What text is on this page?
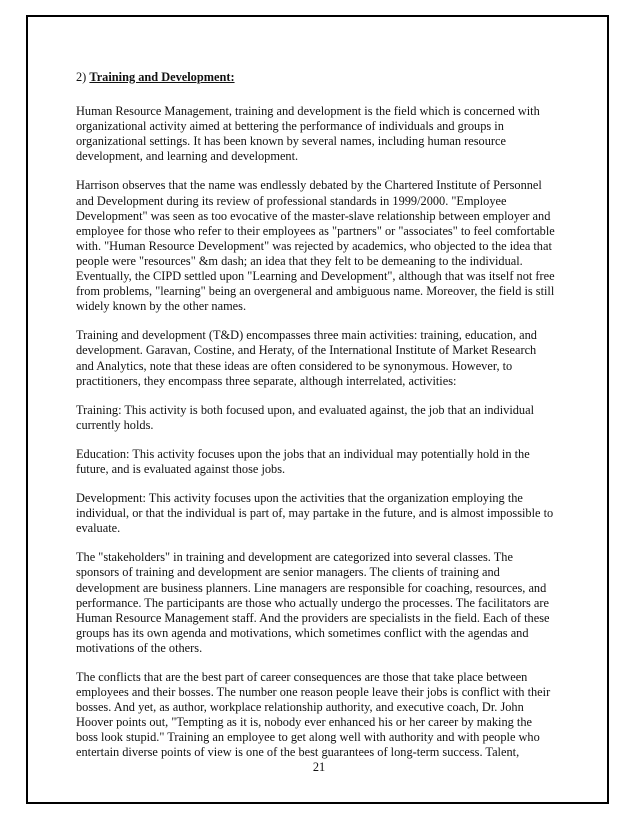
2) Training and Development:

Human Resource Management, training and development is the field which is concerned with
organizational activity aimed at bettering the performance of individuals and groups in
organizational settings. It has been known by several names, including human resource
development, and learning and development.

Harrison observes that the name was endlessly debated by the Chartered Institute of Personnel
and Development during its review of professional standards in 1999/2000. "Employee
Development" was seen as too evocative of the master-slave relationship between employer and
employee for those who refer to their employees as "partners" or "associates" to feel comfortable
with. "Human Resource Development" was rejected by academics, who objected to the idea that
people were "resources" &m dash; an idea that they felt to be demeaning to the individual.
Eventually, the CIPD settled upon "Learning and Development", although that was itself not free
from problems, "learning" being an overgeneral and ambiguous name. Moreover, the field is still
widely known by the other names.

Training and development (T&D) encompasses three main activities: training, education, and
development. Garavan, Costine, and Heraty, of the International Institute of Market Research
and Analytics, note that these ideas are often considered to be synonymous. However, to
practitioners, they encompass three separate, although interrelated, activities:

Training: This activity is both focused upon, and evaluated against, the job that an individual
currently holds.

Education: This activity focuses upon the jobs that an individual may potentially hold in the
future, and is evaluated against those jobs.

Development: This activity focuses upon the activities that the organization employing the
individual, or that the individual is part of, may partake in the future, and is almost impossible to
evaluate.

The "stakeholders" in training and development are categorized into several classes. The
sponsors of training and development are senior managers. The clients of training and
development are business planners. Line managers are responsible for coaching, resources, and
performance. The participants are those who actually undergo the processes. The facilitators are
Human Resource Management staff. And the providers are specialists in the field. Each of these
groups has its own agenda and motivations, which sometimes conflict with the agendas and
motivations of the others.

The conflicts that are the best part of career consequences are those that take place between
employees and their bosses. The number one reason people leave their jobs is conflict with their
bosses. And yet, as author, workplace relationship authority, and executive coach, Dr. John
Hoover points out, "Tempting as it is, nobody ever enhanced his or her career by making the
boss look stupid." Training an employee to get along well with authority and with people who
entertain diverse points of view is one of the best guarantees of long-term success. Talent,

21
